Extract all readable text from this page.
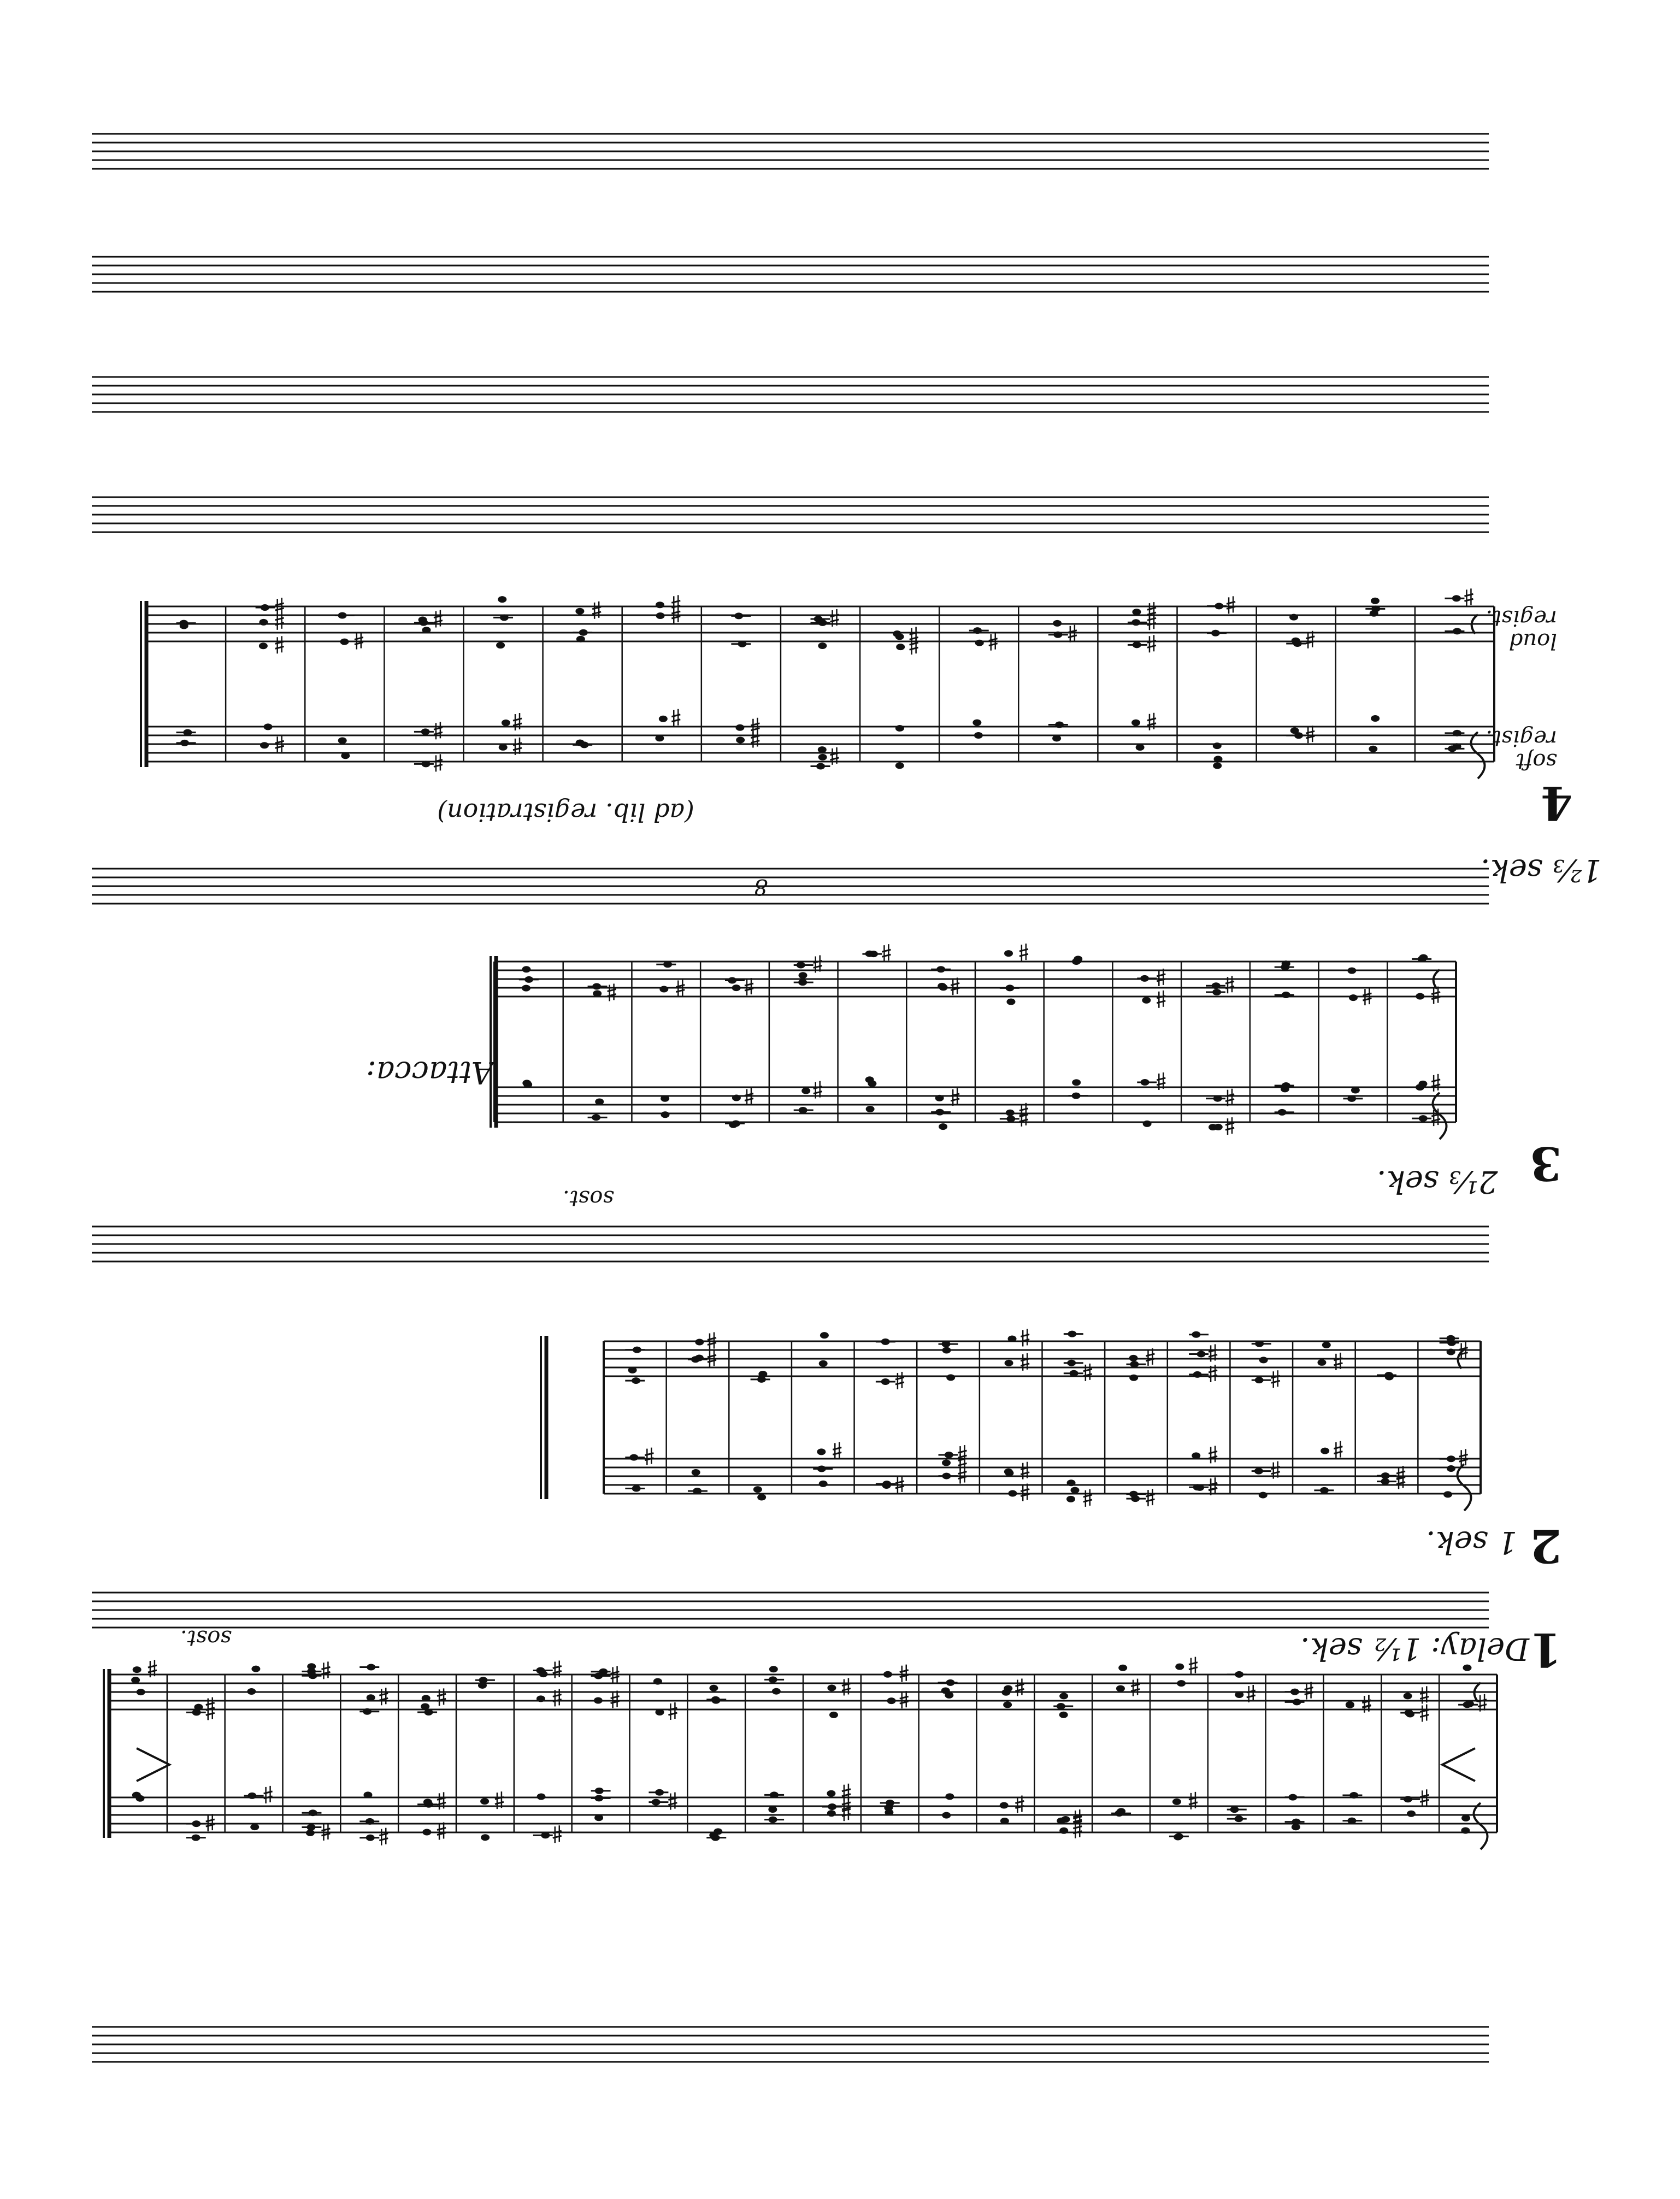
1
Delay: 1½ sek.
sost.
2
1 sek.
3
2⅓ sek.
sost.
Attacca:
4
1⅔ sek.
soft regist.
loud regist.
(ad lib. registration)
8
